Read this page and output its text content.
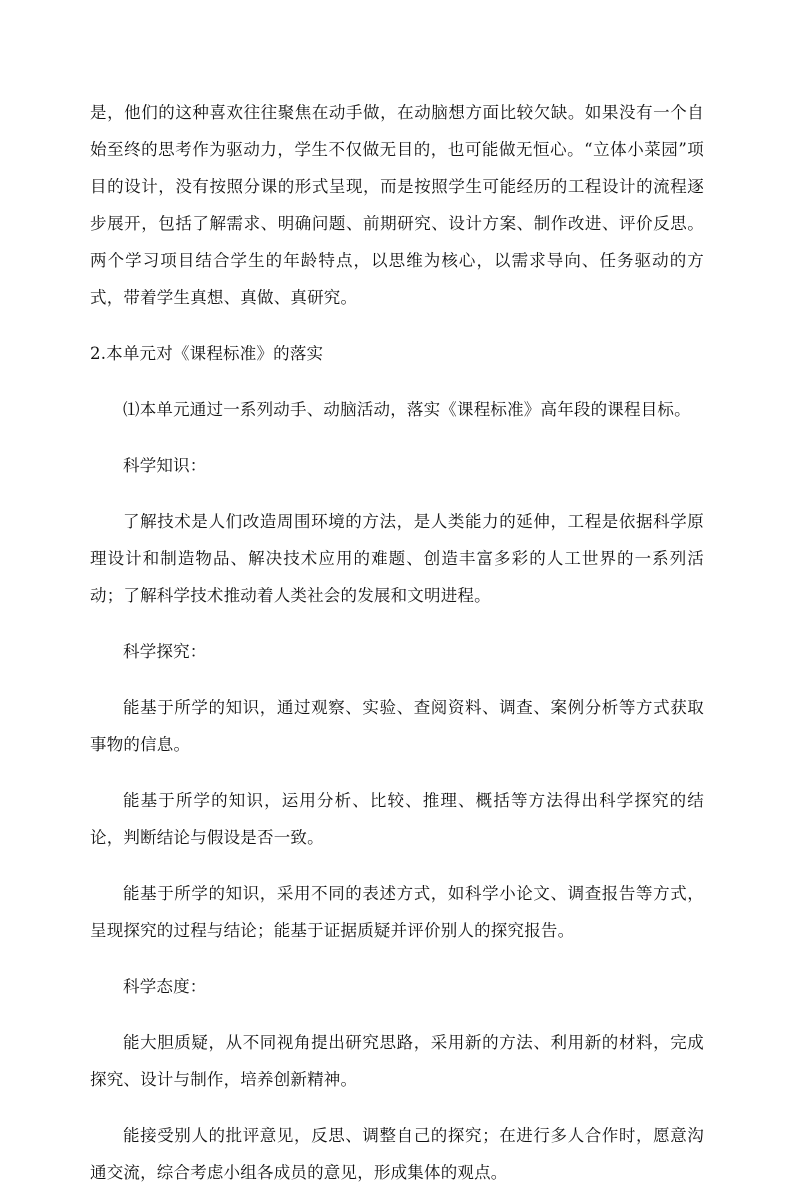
是，他们的这种喜欢往往聚焦在动手做，在动脑想方面比较欠缺。如果没有一个自始至终的思考作为驱动力，学生不仅做无目的，也可能做无恒心。“立体小菜园”项目的设计，没有按照分课的形式呈现，而是按照学生可能经历的工程设计的流程逐步展开，包括了解需求、明确问题、前期研究、设计方案、制作改进、评价反思。两个学习项目结合学生的年龄特点，以思维为核心，以需求导向、任务驱动的方式，带着学生真想、真做、真研究。

2.本单元对《课程标准》的落实

⑴本单元通过一系列动手、动脑活动，落实《课程标准》高年段的课程目标。

科学知识：

了解技术是人们改造周围环境的方法，是人类能力的延伸，工程是依据科学原理设计和制造物品、解决技术应用的难题、创造丰富多彩的人工世界的一系列活动；了解科学技术推动着人类社会的发展和文明进程。

科学探究：

能基于所学的知识，通过观察、实验、查阅资料、调查、案例分析等方式获取事物的信息。

能基于所学的知识，运用分析、比较、推理、概括等方法得出科学探究的结论，判断结论与假设是否一致。

能基于所学的知识，采用不同的表述方式，如科学小论文、调查报告等方式，呈现探究的过程与结论；能基于证据质疑并评价别人的探究报告。

科学态度：

能大胆质疑，从不同视角提出研究思路，采用新的方法、利用新的材料，完成探究、设计与制作，培养创新精神。

能接受别人的批评意见，反思、调整自己的探究；在进行多人合作时，愿意沟通交流，综合考虑小组各成员的意见，形成集体的观点。
